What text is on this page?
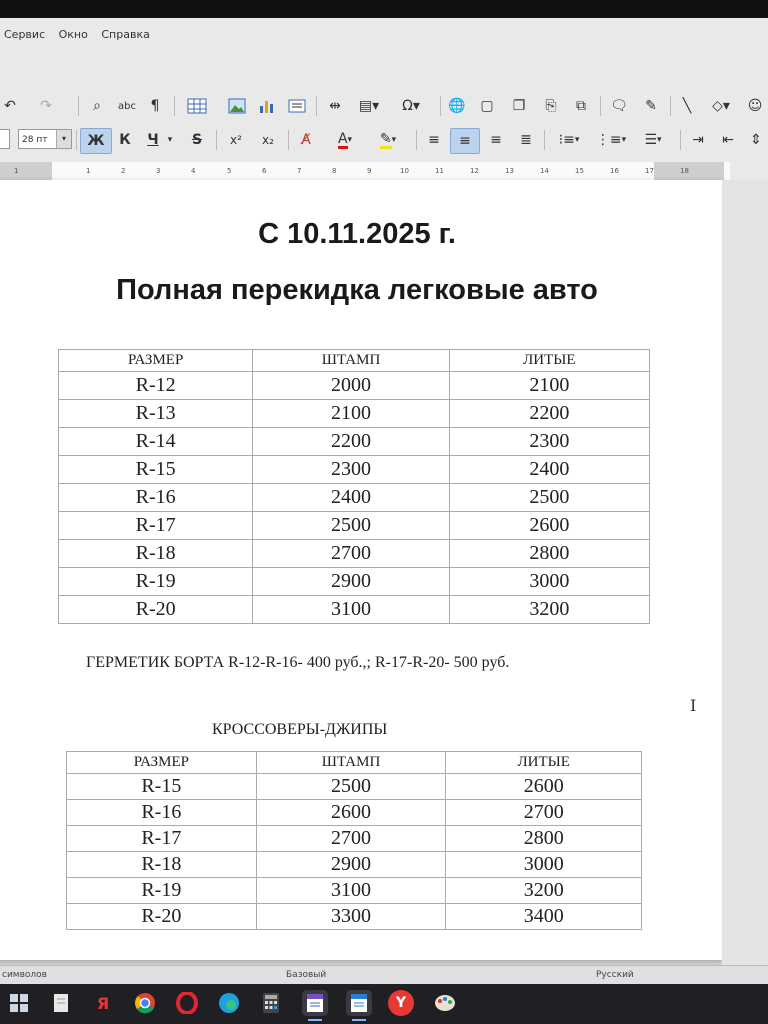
Сервис Окно Справка
↶ ↷	⌕	abc	¶	⇹	▤▾	Ω ▾	🌐	▢	❐	⎘	⧉	🗨	✎	╲	◇▾	☺
28 пт	▾	Ж	К	Ч	▾	S	x²	x₂	A̸	A ▾ ✎ ▾	≡	≡	≡	≣	⁝≡ ▾ ⋮≡ ▾	☰ ▾	⇥	⇤	⇕
1	1	2	3	4	5	6	7	8	9	10	11	12	13	14	15	16	17	18
С 10.11.2025 г.
Полная перекидка легковые авто
РАЗМЕР	ШТАМП	ЛИТЫЕ
R-12	2000	2100
R-13	2100	2200
R-14	2200	2300
R-15	2300	2400
R-16	2400	2500
R-17	2500	2600
R-18	2700	2800
R-19	2900	3000
R-20	3100	3200
ГЕРМЕТИК БОРТА R-12-R-16- 400 руб.,; R-17-R-20- 500 руб.
КРОССОВЕРЫ-ДЖИПЫ
РАЗМЕР	ШТАМП	ЛИТЫЕ
R-15	2500	2600
R-16	2600	2700
R-17	2700	2800
R-18	2900	3000
R-19	3100	3200
R-20	3300	3400
I
символов	Базовый	Русский
Я	Y
